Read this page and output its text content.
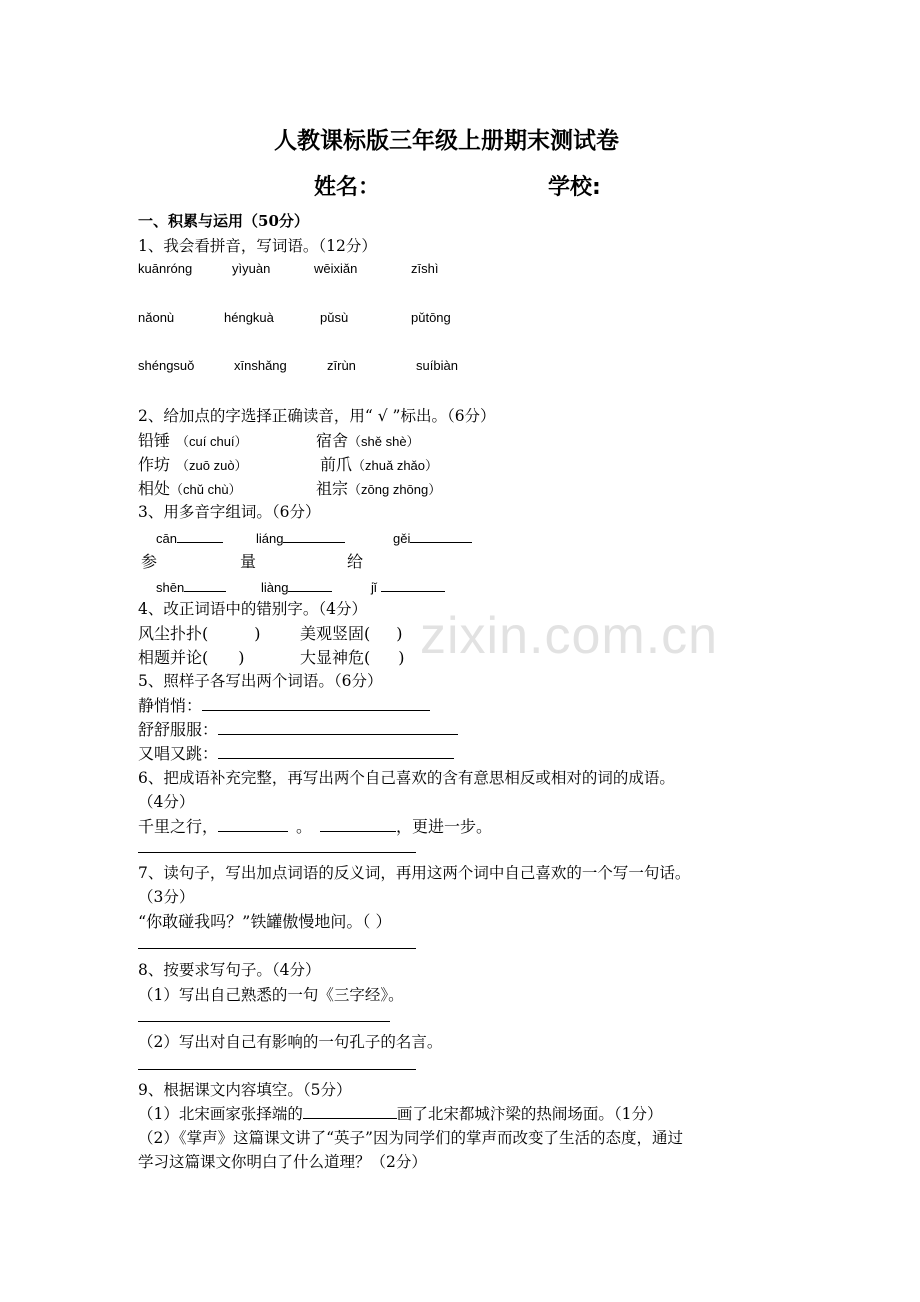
zixin.com.cn
人教课标版三年级上册期末测试卷
姓名：	学校:
一、积累与运用（50分）
1、我会看拼音，写词语。（12分）
kuānróng	yìyuàn	wēixiǎn	zīshì
nǎonù	héngkuà	pǔsù	pǔtōng
shéngsuǒ	xīnshǎng	zīrùn	suíbiàn
2、给加点的字选择正确读音，用“ √ ”标出。（6分）
铅锤 （cuí chuí）	宿舍（shě shè）
作坊 （zuō zuò）	前爪（zhuǎ zhǎo）
相处（chǔ chù）	祖宗（zōng zhōng）
3、用多音字组词。（6分）
cān	liáng	gěi
参	量	给
shēn	liàng	jǐ
4、改正词语中的错别字。（4分）
风尘扑扑(	) 美观竖固( )
相题并论( )	大显神危( )
5、照样子各写出两个词语。（6分）
静悄悄：
舒舒服服：
又唱又跳：
6、把成语补充完整，再写出两个自己喜欢的含有意思相反或相对的词的成语。
（4分）
千里之行，	。	，更进一步。
7、读句子，写出加点词语的反义词，再用这两个词中自己喜欢的一个写一句话。
（3分）
“你敢碰我吗？”铁罐傲慢地问。（ ）
8、按要求写句子。（4分）
（1）写出自己熟悉的一句《三字经》。
（2）写出对自己有影响的一句孔子的名言。
9、根据课文内容填空。（5分）
（1）北宋画家张择端的	画了北宋都城汴梁的热闹场面。（1分）
（2）《掌声》这篇课文讲了“英子”因为同学们的掌声而改变了生活的态度，通过
学习这篇课文你明白了什么道理？（2分）
